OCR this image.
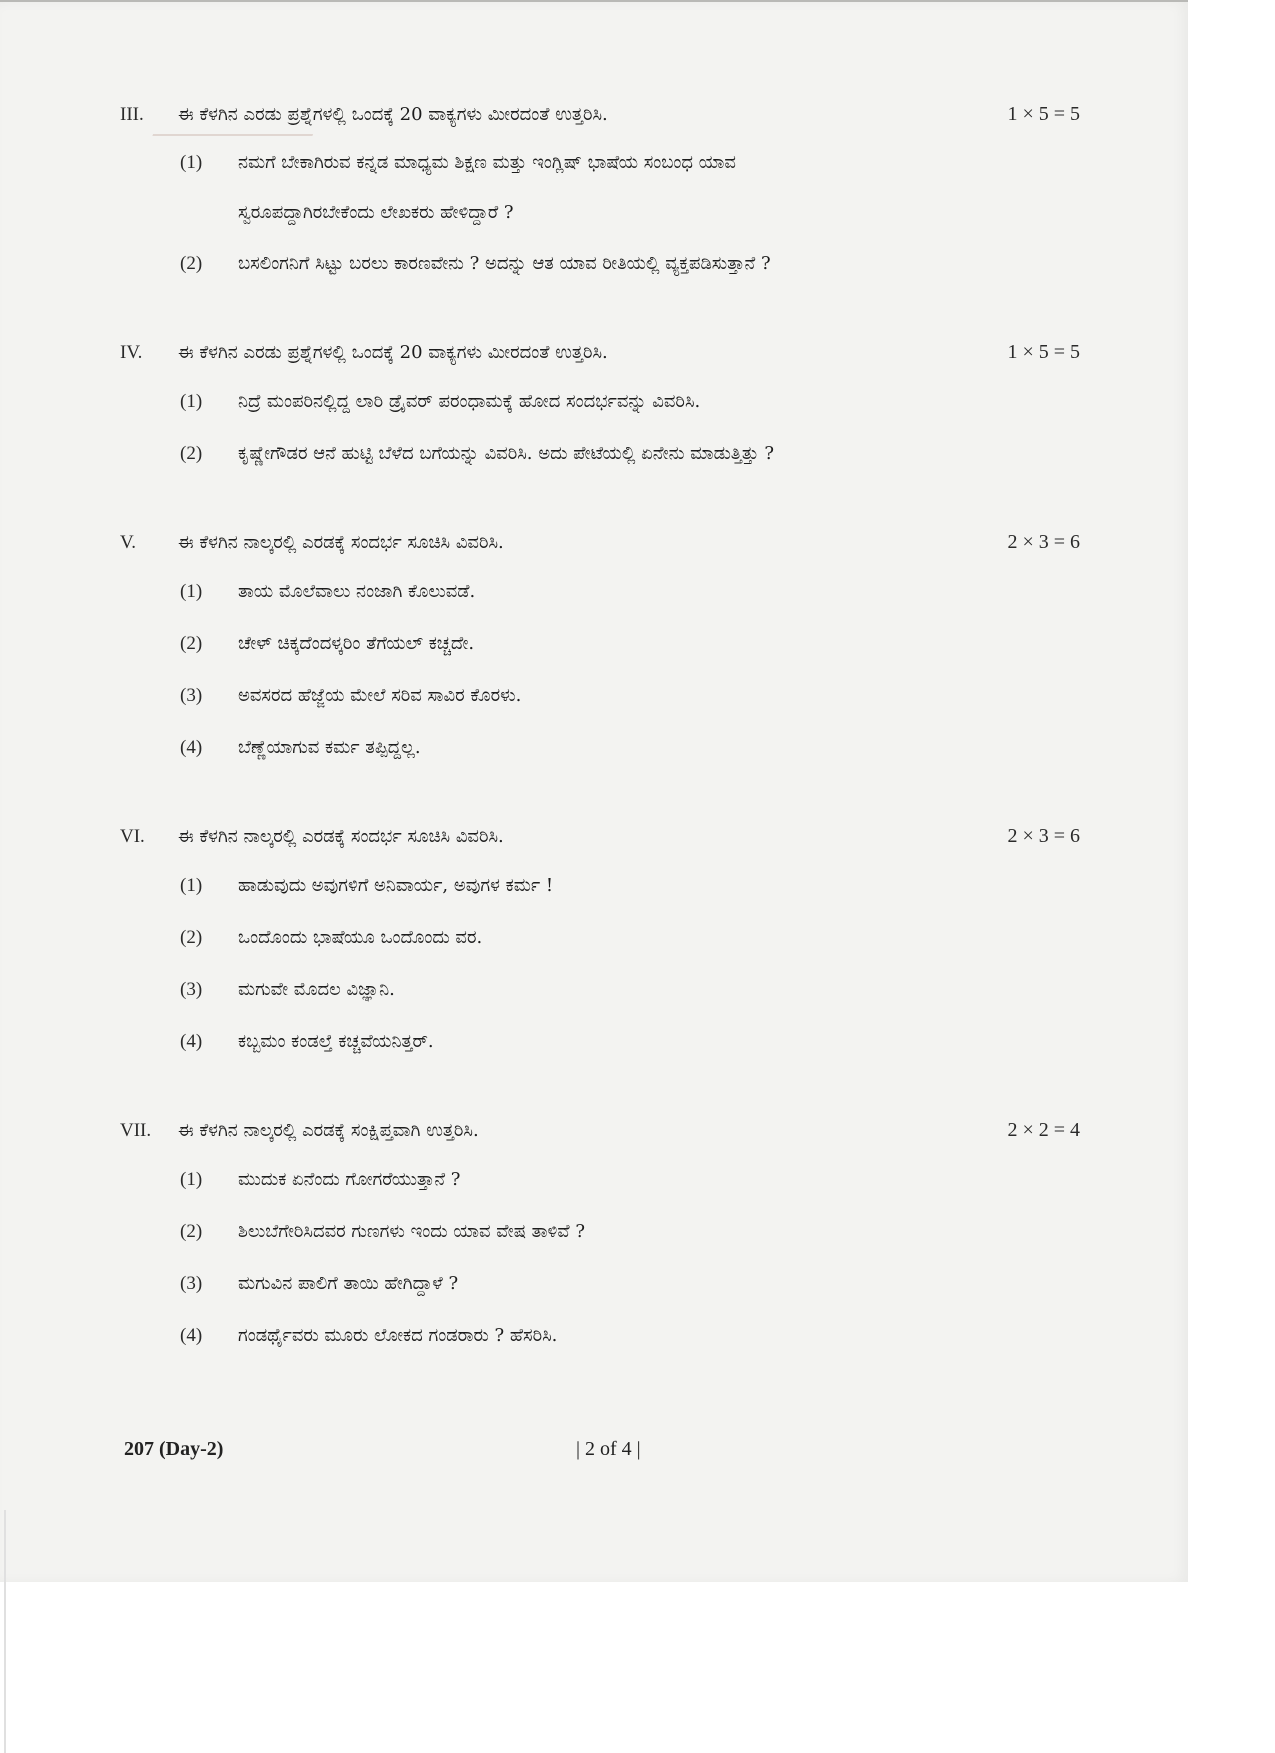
III.	ಈ ಕೆಳಗಿನ ಎರಡು ಪ್ರಶ್ನೆಗಳಲ್ಲಿ ಒಂದಕ್ಕೆ 20 ವಾಕ್ಯಗಳು ಮೀರದಂತೆ ಉತ್ತರಿಸಿ.	1 × 5 = 5
(1)	ನಮಗೆ ಬೇಕಾಗಿರುವ ಕನ್ನಡ ಮಾಧ್ಯಮ ಶಿಕ್ಷಣ ಮತ್ತು ಇಂಗ್ಲಿಷ್ ಭಾಷೆಯ ಸಂಬಂಧ ಯಾವ
ಸ್ವರೂಪದ್ದಾಗಿರಬೇಕೆಂದು ಲೇಖಕರು ಹೇಳಿದ್ದಾರೆ ?
(2)	ಬಸಲಿಂಗನಿಗೆ ಸಿಟ್ಟು ಬರಲು ಕಾರಣವೇನು ? ಅದನ್ನು ಆತ ಯಾವ ರೀತಿಯಲ್ಲಿ ವ್ಯಕ್ತಪಡಿಸುತ್ತಾನೆ ?
IV.	ಈ ಕೆಳಗಿನ ಎರಡು ಪ್ರಶ್ನೆಗಳಲ್ಲಿ ಒಂದಕ್ಕೆ 20 ವಾಕ್ಯಗಳು ಮೀರದಂತೆ ಉತ್ತರಿಸಿ.	1 × 5 = 5
(1)	ನಿದ್ರೆ ಮಂಪರಿನಲ್ಲಿದ್ದ ಲಾರಿ ಡ್ರೈವರ್ ಪರಂಧಾಮಕ್ಕೆ ಹೋದ ಸಂದರ್ಭವನ್ನು ವಿವರಿಸಿ.
(2)	ಕೃಷ್ಣೇಗೌಡರ ಆನೆ ಹುಟ್ಟಿ ಬೆಳೆದ ಬಗೆಯನ್ನು ವಿವರಿಸಿ. ಅದು ಪೇಟೆಯಲ್ಲಿ ಏನೇನು ಮಾಡುತ್ತಿತ್ತು ?
V.	ಈ ಕೆಳಗಿನ ನಾಲ್ಕರಲ್ಲಿ ಎರಡಕ್ಕೆ ಸಂದರ್ಭ ಸೂಚಿಸಿ ವಿವರಿಸಿ.	2 × 3 = 6
(1)	ತಾಯ ಮೊಲೆವಾಲು ನಂಜಾಗಿ ಕೊಲುವಡೆ.
(2)	ಚೇಳ್ ಚಿಕ್ಕದೆಂದಳ್ಕರಿಂ ತೆಗೆಯಲ್ ಕಚ್ಚದೇ.
(3)	ಅವಸರದ ಹೆಜ್ಜೆಯ ಮೇಲೆ ಸರಿವ ಸಾವಿರ ಕೊರಳು.
(4)	ಬೆಣ್ಣೆಯಾಗುವ ಕರ್ಮ ತಪ್ಪಿದ್ದಲ್ಲ.
VI.	ಈ ಕೆಳಗಿನ ನಾಲ್ಕರಲ್ಲಿ ಎರಡಕ್ಕೆ ಸಂದರ್ಭ ಸೂಚಿಸಿ ವಿವರಿಸಿ.	2 × 3 = 6
(1)	ಹಾಡುವುದು ಅವುಗಳಿಗೆ ಅನಿವಾರ್ಯ, ಅವುಗಳ ಕರ್ಮ !
(2)	ಒಂದೊಂದು ಭಾಷೆಯೂ ಒಂದೊಂದು ವರ.
(3)	ಮಗುವೇ ಮೊದಲ ವಿಜ್ಞಾನಿ.
(4)	ಕಬ್ಬಮಂ ಕಂಡಲ್ತೆ ಕಚ್ಚವೆಯನಿತ್ತರ್.
VII.	ಈ ಕೆಳಗಿನ ನಾಲ್ಕರಲ್ಲಿ ಎರಡಕ್ಕೆ ಸಂಕ್ಷಿಪ್ತವಾಗಿ ಉತ್ತರಿಸಿ.	2 × 2 = 4
(1)	ಮುದುಕ ಏನೆಂದು ಗೋಗರೆಯುತ್ತಾನೆ ?
(2)	ಶಿಲುಬೆಗೇರಿಸಿದವರ ಗುಣಗಳು ಇಂದು ಯಾವ ವೇಷ ತಾಳಿವೆ ?
(3)	ಮಗುವಿನ ಪಾಲಿಗೆ ತಾಯಿ ಹೇಗಿದ್ದಾಳೆ ?
(4)	ಗಂಡರ್ಥೈವರು ಮೂರು ಲೋಕದ ಗಂಡರಾರು ? ಹೆಸರಿಸಿ.
207 (Day-2)	| 2 of 4 |
